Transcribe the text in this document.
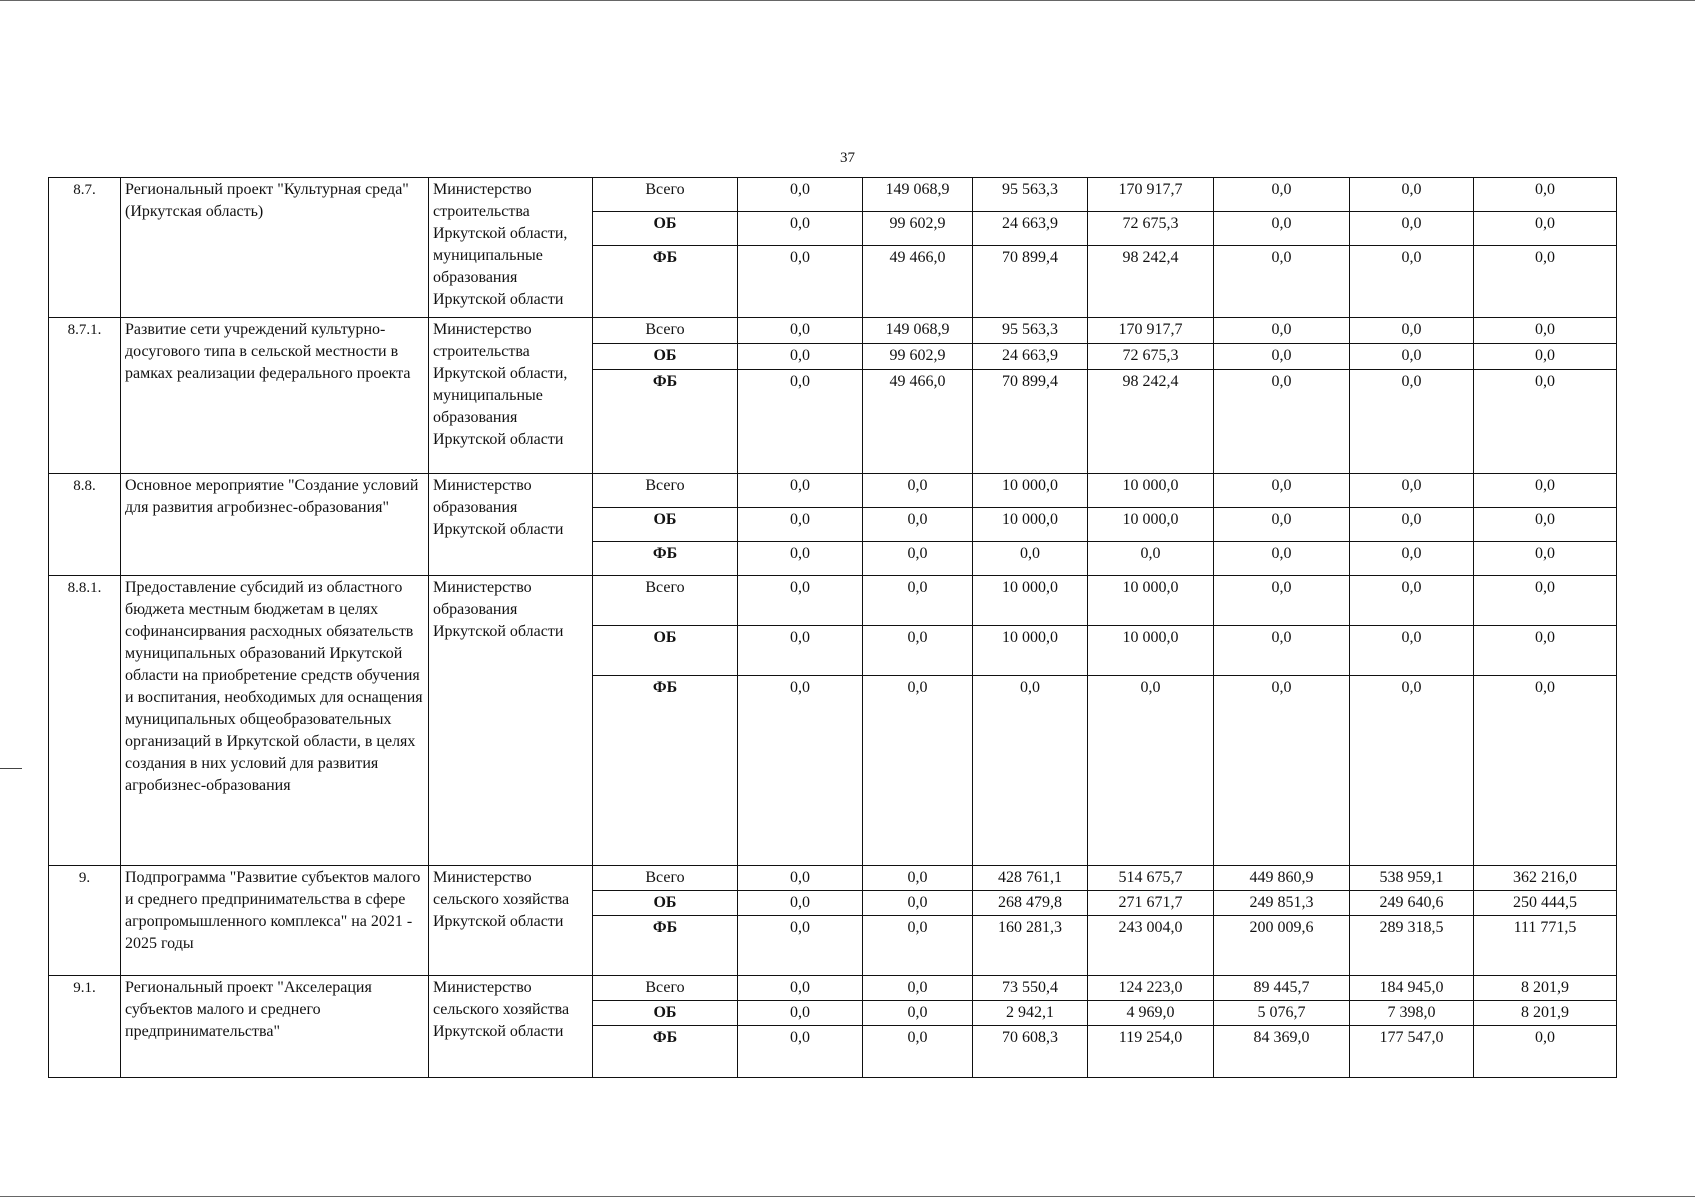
37
8.7.	Региональный проект "Культурная среда" (Иркутская область)	Министерство строительства Иркутской области, муниципальные образования Иркутской области	Всего	0,0	149 068,9	95 563,3	170 917,7	0,0	0,0	0,0
			ОБ	0,0	99 602,9	24 663,9	72 675,3	0,0	0,0	0,0
			ФБ	0,0	49 466,0	70 899,4	98 242,4	0,0	0,0	0,0
8.7.1.	Развитие сети учреждений культурно-досугового типа в сельской местности в рамках реализации федерального проекта	Министерство строительства Иркутской области, муниципальные образования Иркутской области	Всего	0,0	149 068,9	95 563,3	170 917,7	0,0	0,0	0,0
			ОБ	0,0	99 602,9	24 663,9	72 675,3	0,0	0,0	0,0
			ФБ	0,0	49 466,0	70 899,4	98 242,4	0,0	0,0	0,0
8.8.	Основное мероприятие "Создание условий для развития агробизнес-образования"	Министерство образования Иркутской области	Всего	0,0	0,0	10 000,0	10 000,0	0,0	0,0	0,0
			ОБ	0,0	0,0	10 000,0	10 000,0	0,0	0,0	0,0
			ФБ	0,0	0,0	0,0	0,0	0,0	0,0	0,0
8.8.1.	Предоставление субсидий из областного бюджета местным бюджетам в целях софинансирвания расходных обязательств муниципальных образований Иркутской области на приобретение средств обучения и воспитания, необходимых для оснащения муниципальных общеобразовательных организаций в Иркутской области, в целях создания в них условий для развития агробизнес-образования	Министерство образования Иркутской области	Всего	0,0	0,0	10 000,0	10 000,0	0,0	0,0	0,0
			ОБ	0,0	0,0	10 000,0	10 000,0	0,0	0,0	0,0
			ФБ	0,0	0,0	0,0	0,0	0,0	0,0	0,0
9.	Подпрограмма "Развитие субъектов малого и среднего предпринимательства в сфере агропромышленного комплекса" на 2021 - 2025 годы	Министерство сельского хозяйства Иркутской области	Всего	0,0	0,0	428 761,1	514 675,7	449 860,9	538 959,1	362 216,0
			ОБ	0,0	0,0	268 479,8	271 671,7	249 851,3	249 640,6	250 444,5
			ФБ	0,0	0,0	160 281,3	243 004,0	200 009,6	289 318,5	111 771,5
9.1.	Региональный проект "Акселерация субъектов малого и среднего предпринимательства"	Министерство сельского хозяйства Иркутской области	Всего	0,0	0,0	73 550,4	124 223,0	89 445,7	184 945,0	8 201,9
			ОБ	0,0	0,0	2 942,1	4 969,0	5 076,7	7 398,0	8 201,9
			ФБ	0,0	0,0	70 608,3	119 254,0	84 369,0	177 547,0	0,0
